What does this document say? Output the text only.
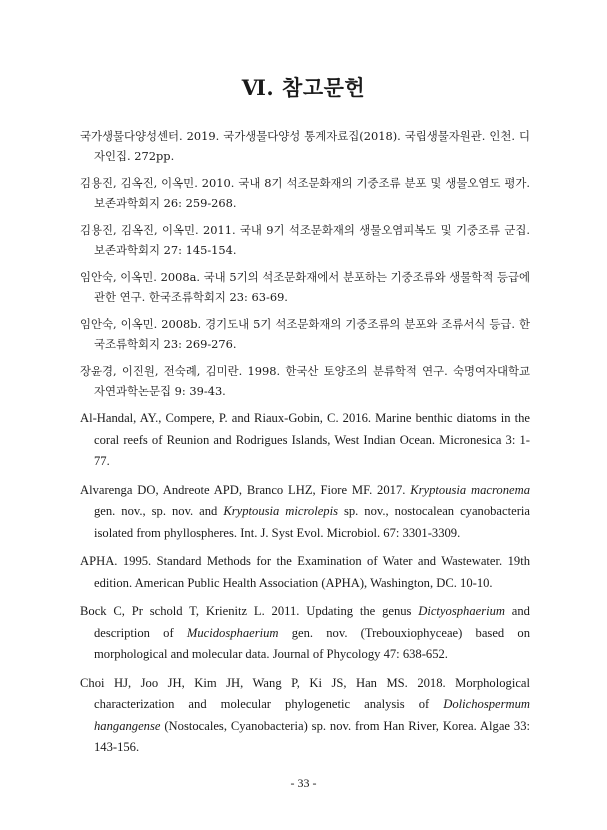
Ⅵ. 참고문헌
국가생물다양성센터. 2019. 국가생물다양성 통계자료집(2018). 국립생물자원관. 인천. 디자인집. 272pp.
김용진, 김옥진, 이옥민. 2010. 국내 8기 석조문화재의 기중조류 분포 및 생물오염도 평가. 보존과학회지 26: 259-268.
김용진, 김옥진, 이옥민. 2011. 국내 9기 석조문화재의 생물오염피복도 및 기중조류 군집. 보존과학회지 27: 145-154.
임안숙, 이옥민. 2008a. 국내 5기의 석조문화재에서 분포하는 기중조류와 생물학적 등급에 관한 연구. 한국조류학회지 23: 63-69.
임안숙, 이옥민. 2008b. 경기도내 5기 석조문화재의 기중조류의 분포와 조류서식 등급. 한국조류학회지 23: 269-276.
장윤경, 이진원, 전숙례, 김미란. 1998. 한국산 토양조의 분류학적 연구. 숙명여자대학교 자연과학논문집 9: 39-43.
Al-Handal, AY., Compere, P. and Riaux-Gobin, C. 2016. Marine benthic diatoms in the coral reefs of Reunion and Rodrigues Islands, West Indian Ocean. Micronesica 3: 1-77.
Alvarenga DO, Andreote APD, Branco LHZ, Fiore MF. 2017. Kryptousia macronema gen. nov., sp. nov. and Kryptousia microlepis sp. nov., nostocalean cyanobacteria isolated from phyllospheres. Int. J. Syst Evol. Microbiol. 67: 3301-3309.
APHA. 1995. Standard Methods for the Examination of Water and Wastewater. 19th edition. American Public Health Association (APHA), Washington, DC. 10-10.
Bock C, Pr schold T, Krienitz L. 2011. Updating the genus Dictyosphaerium and description of Mucidosphaerium gen. nov. (Trebouxiophyceae) based on morphological and molecular data. Journal of Phycology 47: 638-652.
Choi HJ, Joo JH, Kim JH, Wang P, Ki JS, Han MS. 2018. Morphological characterization and molecular phylogenetic analysis of Dolichospermum hangangense (Nostocales, Cyanobacteria) sp. nov. from Han River, Korea. Algae 33: 143-156.

- 33 -
